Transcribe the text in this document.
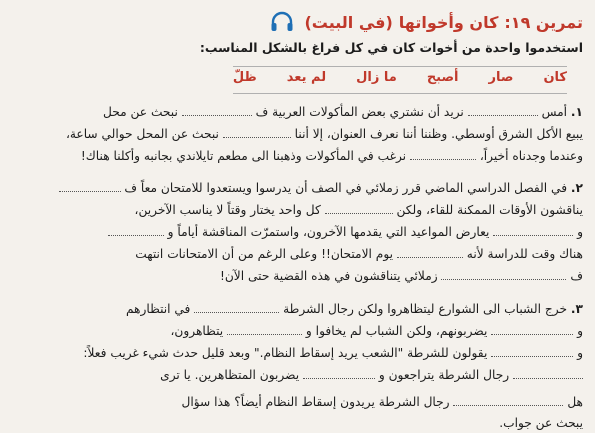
تمرين ١٩:
كان وأخواتها
(في البيت)
استخدموا واحدة من أخوات كان في كل فراغ بالشكل المناسب:
كان
صار
أصبح
ما زال
لم يعد
ظلّ
١. أمس  نريد أن نشتري بعض المأكولات العربية ف  نبحث عن محل
يبيع الأكل الشرق أوسطي. وظننا أننا نعرف العنوان، إلا أننا  نبحث عن المحل حوالي ساعة،
وعندما وجدناه أخيراً،  نرغب في المأكولات وذهبنا الى مطعم تايلاندي بجانبه وأكلنا هناك!
٢. في الفصل الدراسي الماضي قرر زملائي في الصف أن يدرسوا ويستعدوا للامتحان معاً ف
يناقشون الأوقات الممكنة للقاء، ولكن  كل واحد يختار وقتاً لا يناسب الآخرين،
و  يعارض المواعيد التي يقدمها الآخرون، واستمرّت المناقشة أياماً و
هناك وقت للدراسة لأنه  يوم الامتحان!! وعلى الرغم من أن الامتحانات انتهت
ف  زملائي يتناقشون في هذه القضية حتى الآن!
٣. خرج الشباب الى الشوارع ليتظاهروا ولكن رجال الشرطة  في انتظارهم
و  يضربونهم، ولكن الشباب لم يخافوا و  يتظاهرون،
و  يقولون للشرطة "الشعب يريد إسقاط النظام." وبعد قليل حدث شيء غريب فعلاً:
رجال الشرطة يتراجعون و  يضربون المتظاهرين. يا ترى
هل  رجال الشرطة يريدون إسقاط النظام أيضاً؟ هذا سؤال
يبحث عن جواب.
